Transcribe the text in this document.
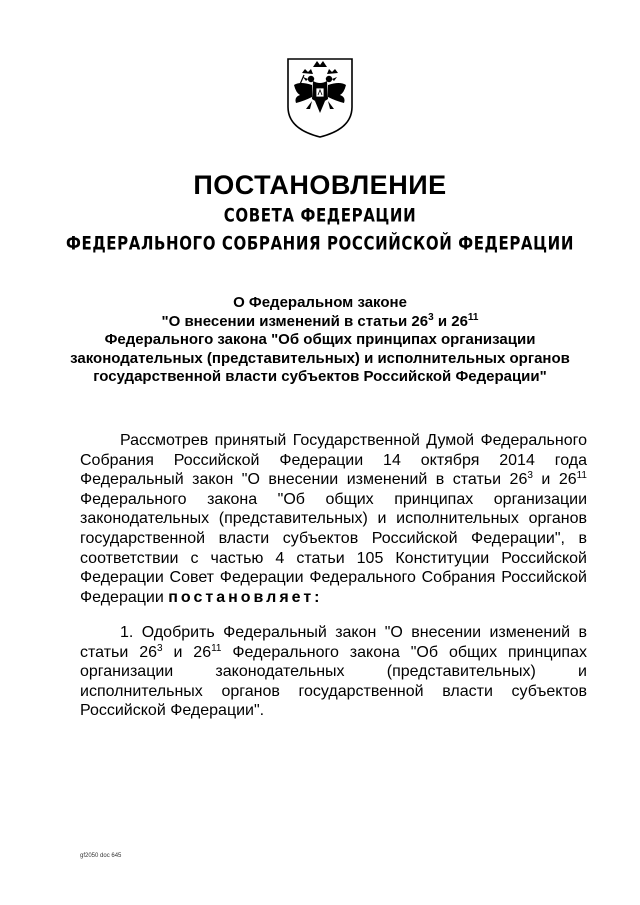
ПОСТАНОВЛЕНИЕ
СОВЕТА ФЕДЕРАЦИИ
ФЕДЕРАЛЬНОГО СОБРАНИЯ РОССИЙСКОЙ ФЕДЕРАЦИИ
О Федеральном законе
"О внесении изменений в статьи $26^3$ и $26^{11}$
Федерального закона "Об общих принципах организации
законодательных (представительных) и исполнительных органов
государственной власти субъектов Российской Федерации"

Рассмотрев принятый Государственной Думой Федерального Собрания Российской Федерации 14 октября 2014 года Федеральный закон "О внесении изменений в статьи $26^3$ и $26^{11}$ Федерального закона "Об общих принципах организации законодательных (представительных) и исполнительных органов государственной власти субъектов Российской Федерации", в соответствии с частью 4 статьи 105 Конституции Российской Федерации Совет Федерации Федерального Собрания Российской Федерации постановляет:

1. Одобрить Федеральный закон "О внесении изменений в статьи $26^3$ и $26^{11}$ Федерального закона "Об общих принципах организации законодательных (представительных) и исполнительных органов государственной власти субъектов Российской Федерации".

gf2050 doc 645
